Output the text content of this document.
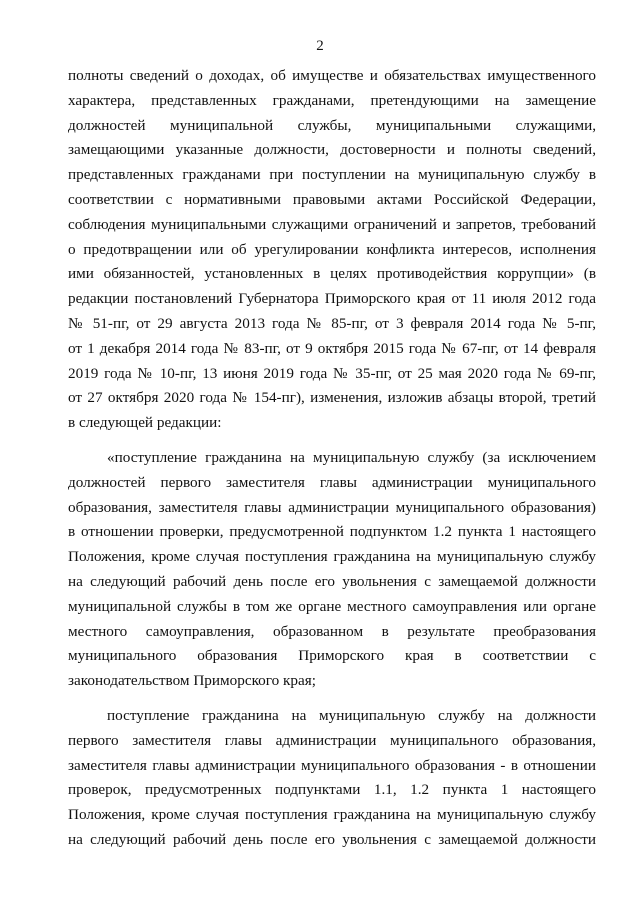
2
полноты сведений о доходах, об имуществе и обязательствах имущественного
характера, представленных гражданами, претендующими на замещение
должностей муниципальной службы, муниципальными служащими,
замещающими указанные должности, достоверности и полноты сведений,
представленных гражданами при поступлении на муниципальную службу в
соответствии с нормативными правовыми актами Российской Федерации,
соблюдения муниципальными служащими ограничений и запретов, требований
о предотвращении или об урегулировании конфликта интересов, исполнения
ими обязанностей, установленных в целях противодействия коррупции» (в
редакции постановлений Губернатора Приморского края от 11 июля 2012 года
№ 51-пг, от 29 августа 2013 года № 85-пг, от 3 февраля 2014 года № 5-пг,
от 1 декабря 2014 года № 83-пг, от 9 октября 2015 года № 67-пг, от 14 февраля
2019 года № 10-пг, 13 июня 2019 года № 35-пг, от 25 мая 2020 года № 69-пг,
от 27 октября 2020 года № 154-пг), изменения, изложив абзацы второй, третий
в следующей редакции:
«поступление гражданина на муниципальную службу (за исключением
должностей первого заместителя главы администрации муниципального
образования, заместителя главы администрации муниципального образования)
в отношении проверки, предусмотренной подпунктом 1.2 пункта 1 настоящего
Положения, кроме случая поступления гражданина на муниципальную службу
на следующий рабочий день после его увольнения с замещаемой должности
муниципальной службы в том же органе местного самоуправления или органе
местного самоуправления, образованном в результате преобразования
муниципального образования Приморского края в соответствии с
законодательством Приморского края;
поступление гражданина на муниципальную службу на должности
первого заместителя главы администрации муниципального образования,
заместителя главы администрации муниципального образования - в отношении
проверок, предусмотренных подпунктами 1.1, 1.2 пункта 1 настоящего
Положения, кроме случая поступления гражданина на муниципальную службу
на следующий рабочий день после его увольнения с замещаемой должности
